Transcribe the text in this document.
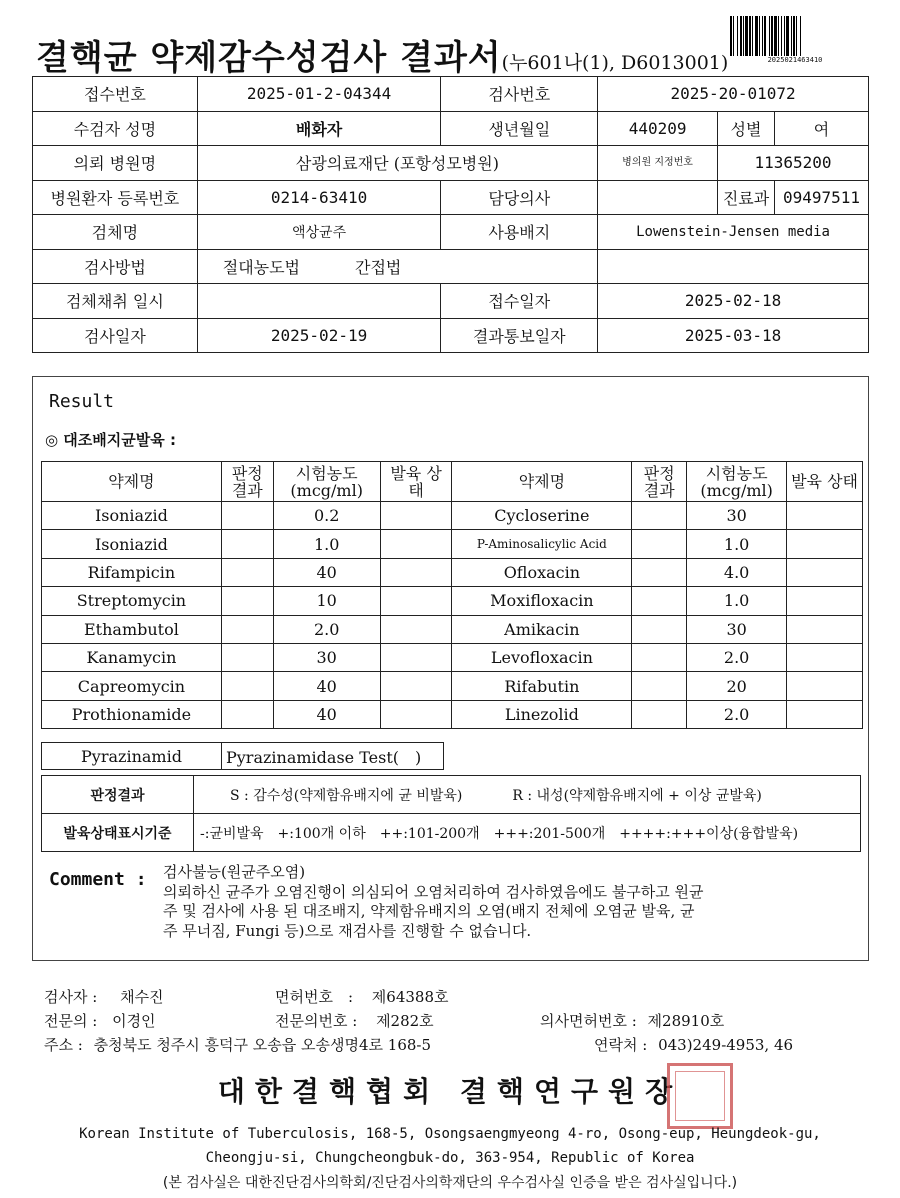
결핵균 약제감수성검사 결과서(누601나(1), D6013001)	2025021463410
접수번호	2025-01-2-04344	검사번호	2025-20-01072		
수검자 성명	배화자	생년월일	440209	성별	여
의뢰 병원명	삼광의료재단 (포항성모병원)		병의원 지정번호	11365200	
병원환자 등록번호	0214-63410	담당의사		진료과	09497511
검체명	액상균주	사용배지	Lowenstein-Jensen media		
검사방법	절대농도법 간접법				
검체채취 일시		접수일자	2025-02-18		
검사일자	2025-02-19	결과통보일자	2025-03-18		
Result
◎ 대조배지균발육 :
약제명	판정 결과	시험농도 (mcg/ml)	발육 상태	약제명	판정 결과	시험농도 (mcg/ml)	발육 상태
Isoniazid		0.2		Cycloserine		30	
Isoniazid		1.0		P-Aminosalicylic Acid		1.0	
Rifampicin		40		Ofloxacin		4.0	
Streptomycin		10		Moxifloxacin		1.0	
Ethambutol		2.0		Amikacin		30	
Kanamycin		30		Levofloxacin		2.0	
Capreomycin		40		Rifabutin		20	
Prothionamide		40		Linezolid		2.0	
Pyrazinamid	Pyrazinamidase Test(　)
판정결과	S : 감수성(약제함유배지에 균 비발육) R : 내성(약제함유배지에 + 이상 균발육)
발육상태표시기준	-:균비발육　+:100개 이하　++:101-200개　+++:201-500개　++++:+++이상(융합발육)
Comment : 검사불능(원균주오염)
의뢰하신 균주가 오염진행이 의심되어 오염처리하여 검사하였음에도 불구하고 원균
주 및 검사에 사용 된 대조배지, 약제함유배지의 오염(배지 전체에 오염균 발육, 균
주 무너짐, Fungi 등)으로 재검사를 진행할 수 없습니다.
검사자 : 채수진	면허번호　: 제64388호
전문의 : 이경인	전문의번호 : 제282호	의사면허번호 : 제28910호
주소 : 충청북도 청주시 흥덕구 오송읍 오송생명4로 168-5	연락처 : 043)249-4953, 46
대한결핵협회 결핵연구원장
Korean Institute of Tuberculosis, 168-5, Osongsaengmyeong 4-ro, Osong-eup, Heungdeok-gu,
Cheongju-si, Chungcheongbuk-do, 363-954, Republic of Korea
(본 검사실은 대한진단검사의학회/진단검사의학재단의 우수검사실 인증을 받은 검사실입니다.)
